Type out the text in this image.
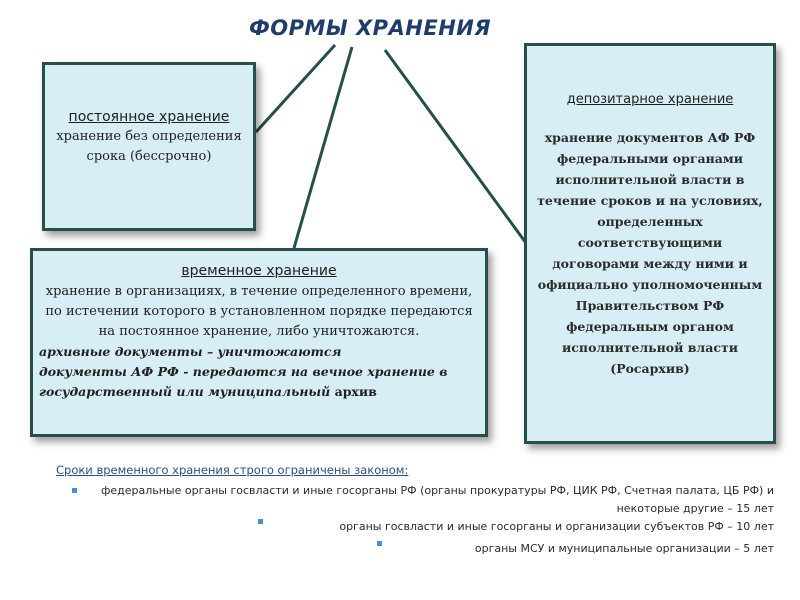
ФОРМЫ ХРАНЕНИЯ
постоянное хранение
хранение без определения срока (бессрочно)
временное хранение
хранение в организациях, в течение определенного времени, по истечении которого в установленном порядке передаются на постоянное хранение, либо уничтожаются.
архивные документы – уничтожаются
документы АФ РФ - передаются на вечное хранение в государственный или муниципальный архив
депозитарное хранение
хранение документов АФ РФ федеральными органами исполнительной власти в течение сроков и на условиях, определенных соответствующими договорами между ними и официально уполномоченным Правительством РФ федеральным органом исполнительной власти (Росархив)
Сроки временного хранения строго ограничены законом:
федеральные органы госвласти и иные госорганы РФ (органы прокуратуры РФ, ЦИК РФ, Счетная палата, ЦБ РФ) и некоторые другие – 15 лет
органы госвласти и иные госорганы и организации субъектов РФ – 10 лет
органы МСУ и муниципальные организации – 5 лет
